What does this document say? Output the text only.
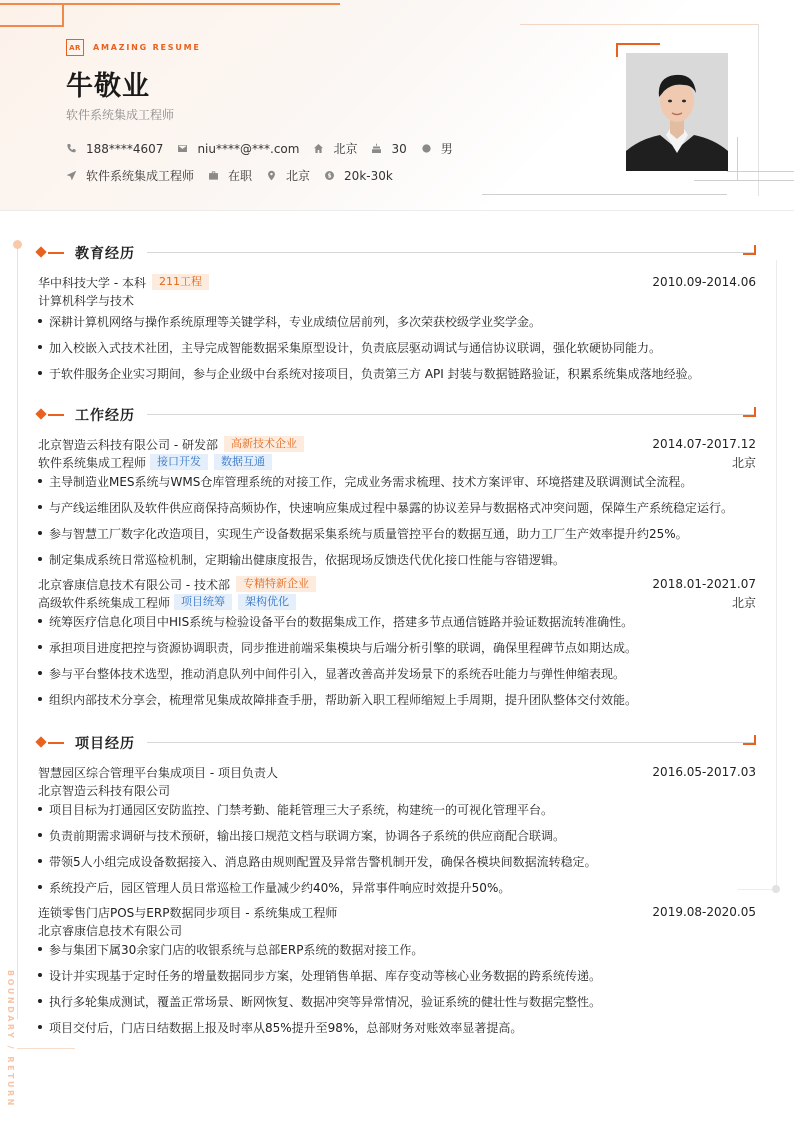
AR	AMAZING RESUME
牛敬业
软件系统集成工程师
188****4607	niu****@***.com	北京	30	男
软件系统集成工程师	在职	北京 $ 20k-30k
BOUNDARY / RETURN
教育经历
华中科技大学 - 本科	211工程	2010.09-2014.06
计算机科学与技术
深耕计算机网络与操作系统原理等关键学科，专业成绩位居前列，多次荣获校级学业奖学金。
加入校嵌入式技术社团，主导完成智能数据采集原型设计，负责底层驱动调试与通信协议联调，强化软硬协同能力。
于软件服务企业实习期间，参与企业级中台系统对接项目，负责第三方 API 封装与数据链路验证，积累系统集成落地经验。
工作经历
北京智造云科技有限公司 - 研发部	高新技术企业	2014.07-2017.12
软件系统集成工程师	接口开发	数据互通	北京
主导制造业MES系统与WMS仓库管理系统的对接工作，完成业务需求梳理、技术方案评审、环境搭建及联调测试全流程。
与产线运维团队及软件供应商保持高频协作，快速响应集成过程中暴露的协议差异与数据格式冲突问题，保障生产系统稳定运行。
参与智慧工厂数字化改造项目，实现生产设备数据采集系统与质量管控平台的数据互通，助力工厂生产效率提升约25%。
制定集成系统日常巡检机制，定期输出健康度报告，依据现场反馈迭代优化接口性能与容错逻辑。
北京睿康信息技术有限公司 - 技术部	专精特新企业	2018.01-2021.07
高级软件系统集成工程师	项目统筹	架构优化	北京
统筹医疗信息化项目中HIS系统与检验设备平台的数据集成工作，搭建多节点通信链路并验证数据流转准确性。
承担项目进度把控与资源协调职责，同步推进前端采集模块与后端分析引擎的联调，确保里程碑节点如期达成。
参与平台整体技术选型，推动消息队列中间件引入，显著改善高并发场景下的系统吞吐能力与弹性伸缩表现。
组织内部技术分享会，梳理常见集成故障排查手册，帮助新入职工程师缩短上手周期，提升团队整体交付效能。
项目经历
智慧园区综合管理平台集成项目 - 项目负责人	2016.05-2017.03
北京智造云科技有限公司
项目目标为打通园区安防监控、门禁考勤、能耗管理三大子系统，构建统一的可视化管理平台。
负责前期需求调研与技术预研，输出接口规范文档与联调方案，协调各子系统的供应商配合联调。
带领5人小组完成设备数据接入、消息路由规则配置及异常告警机制开发，确保各模块间数据流转稳定。
系统投产后，园区管理人员日常巡检工作量减少约40%，异常事件响应时效提升50%。
连锁零售门店POS与ERP数据同步项目 - 系统集成工程师	2019.08-2020.05
北京睿康信息技术有限公司
参与集团下属30余家门店的收银系统与总部ERP系统的数据对接工作。
设计并实现基于定时任务的增量数据同步方案，处理销售单据、库存变动等核心业务数据的跨系统传递。
执行多轮集成测试，覆盖正常场景、断网恢复、数据冲突等异常情况，验证系统的健壮性与数据完整性。
项目交付后，门店日结数据上报及时率从85%提升至98%，总部财务对账效率显著提高。
